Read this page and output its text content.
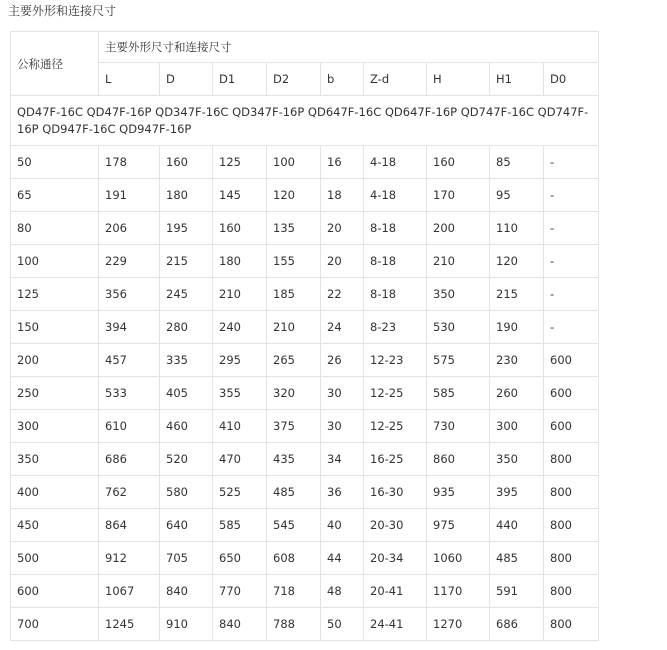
主要外形和连接尺寸
公称通径	主要外形尺寸和连接尺寸								
	L	D	D1	D2	b	Z-d	H	H1	D0
QD47F-16C QD47F-16P QD347F-16C QD347F-16P QD647F-16C QD647F-16P QD747F-16C QD747F-16P QD947F-16C QD947F-16P									
50	178	160	125	100	16	4-18	160	85	-
65	191	180	145	120	18	4-18	170	95	-
80	206	195	160	135	20	8-18	200	110	-
100	229	215	180	155	20	8-18	210	120	-
125	356	245	210	185	22	8-18	350	215	-
150	394	280	240	210	24	8-23	530	190	-
200	457	335	295	265	26	12-23	575	230	600
250	533	405	355	320	30	12-25	585	260	600
300	610	460	410	375	30	12-25	730	300	600
350	686	520	470	435	34	16-25	860	350	800
400	762	580	525	485	36	16-30	935	395	800
450	864	640	585	545	40	20-30	975	440	800
500	912	705	650	608	44	20-34	1060	485	800
600	1067	840	770	718	48	20-41	1170	591	800
700	1245	910	840	788	50	24-41	1270	686	800
